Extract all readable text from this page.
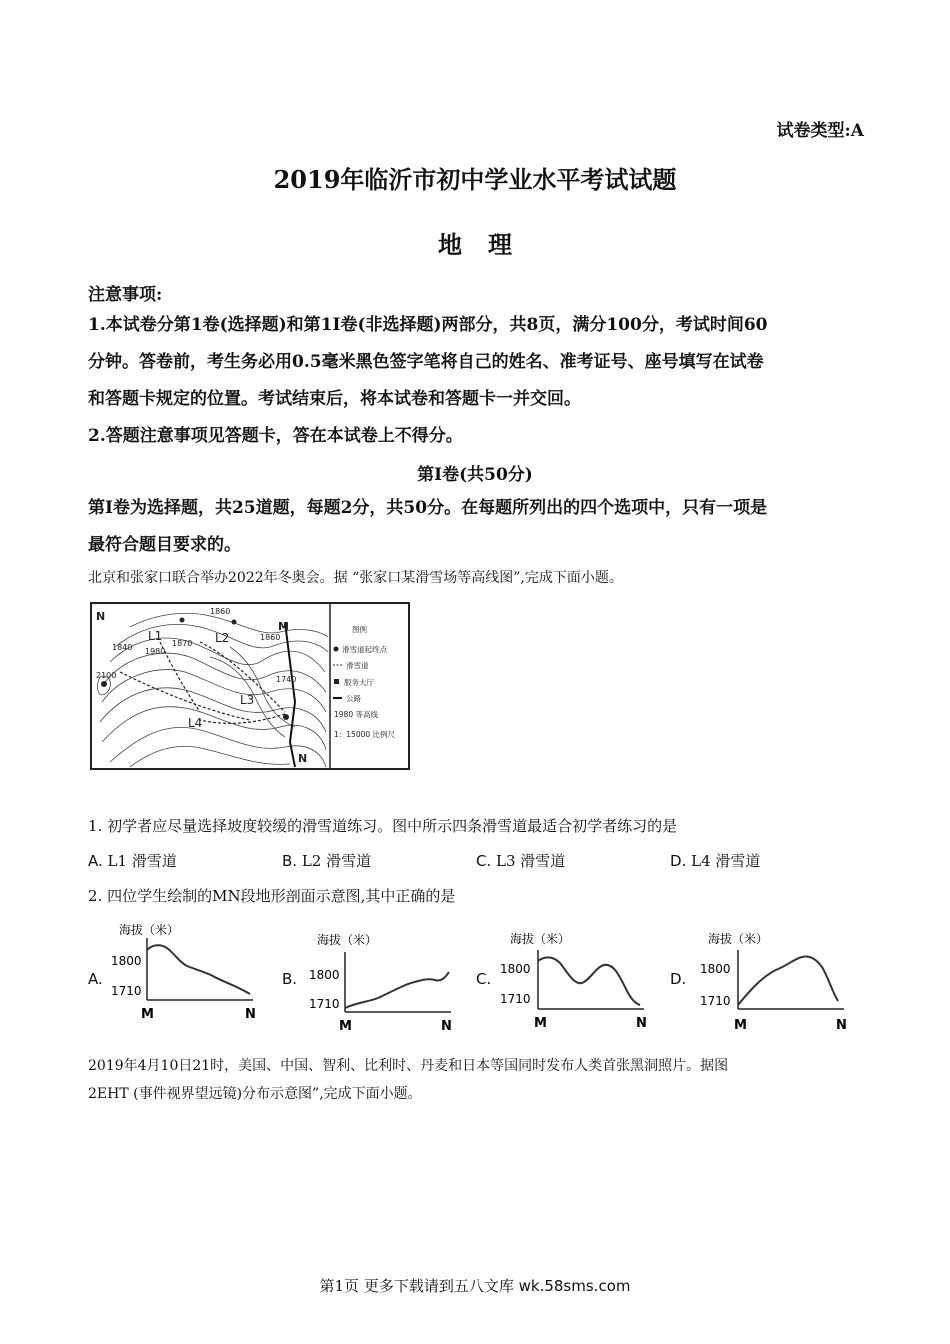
试卷类型:A
2019年临沂市初中学业水平考试试题
地理
注意事项:
1.本试卷分第1卷(选择题)和第1I卷(非选择题)两部分，共8页，满分100分，考试时间60
分钟。答卷前，考生务必用0.5毫米黑色签字笔将自己的姓名、准考证号、座号填写在试卷
和答题卡规定的位置。考试结束后，将本试卷和答题卡一并交回。
2.答题注意事项见答题卡，答在本试卷上不得分。
第I卷(共50分)
第I卷为选择题，共25道题，每题2分，共50分。在每题所列出的四个选项中，只有一项是
最符合题目要求的。
北京和张家口联合举办2022年冬奥会。据 “张家口某滑雪场等高线图”,完成下面小题。
N
M
N
L1	L2
L3
L4
1860
1860
1870
1840 1980
2100	1740
图例
滑雪道起终点
滑雪道
服务大厅
公路
1980 等高线
1：15000 比例尺
1. 初学者应尽量选择坡度较缓的滑雪道练习。图中所示四条滑雪道最适合初学者练习的是
A. L1 滑雪道	B. L2 滑雪道	C. L3 滑雪道	D. L4 滑雪道
2. 四位学生绘制的MN段地形剖面示意图,其中正确的是
A.
海拔（米）
1800
1710
M	N
B.
海拔（米）
1800
1710
M	N
C.
海拔（米）
1800
1710
M	N
D.
海拔（米）
1800
1710
M	N
2019年4月10日21时，美国、中国、智利、比利时、丹麦和日本等国同时发布人类首张黑洞照片。据图
2EHT (事件视界望远镜)分布示意图”,完成下面小题。
第1页 更多下载请到五八文库 wk.58sms.com
